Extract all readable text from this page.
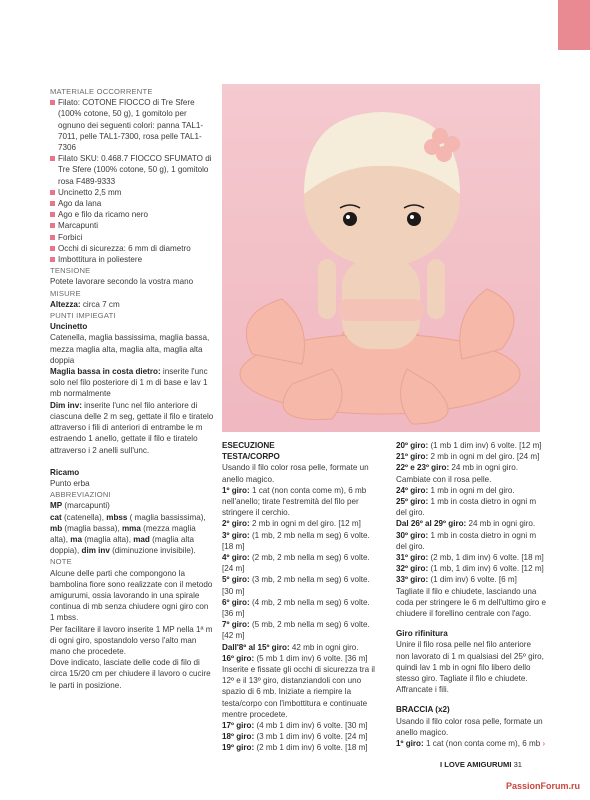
MATERIALE OCCORRENTE

Filato: COTONE FIOCCO di Tre Sfere (100% cotone, 50 g), 1 gomitolo per ognuno dei seguenti colori: panna TAL1-7011, pelle TAL1-7300, rosa pelle TAL1-7306
Filato SKU: 0.468.7 FIOCCO SFUMATO di Tre Sfere (100% cotone, 50 g), 1 gomitolo rosa F489-9333
Uncinetto 2,5 mm
Ago da lana
Ago e filo da ricamo nero
Marcapunti
Forbici
Occhi di sicurezza: 6 mm di diametro
Imbottitura in poliestere

TENSIONE

Potete lavorare secondo la vostra mano

MISURE

Altezza: circa 7 cm

PUNTI IMPIEGATI

Uncinetto

Catenella, maglia bassissima, maglia bassa, mezza maglia alta, maglia alta, maglia alta doppia

Maglia bassa in costa dietro: inserite l'unc solo nel filo posteriore di 1 m di base e lav 1 mb normalmente

Dim inv: inserite l'unc nel filo anteriore di ciascuna delle 2 m seg, gettate il filo e tiratelo attraverso i fili di anteriori di entrambe le m estraendo 1 anello, gettate il filo e tiratelo attraverso i 2 anelli sull'unc.

Ricamo

Punto erba

ABBREVIAZIONI

MP (marcapunti)
cat (catenella), mbss ( maglia bassissima), mb (maglia bassa), mma (mezza maglia alta), ma (maglia alta), mad (maglia alta doppia), dim inv (diminuzione invisibile).

NOTE

Alcune delle parti che compongono la bambolina fiore sono realizzate con il metodo amigurumi, ossia lavorando in una spirale continua di mb senza chiudere ogni giro con 1 mbss.

Per facilitare il lavoro inserite 1 MP nella 1ª m di ogni giro, spostandolo verso l'alto man mano che procedete.

Dove indicato, lasciate delle code di filo di circa 15/20 cm per chiudere il lavoro o cucire le parti in posizione.

ESECUZIONE

TESTA/CORPO

Usando il filo color rosa pelle, formate un anello magico.

1º giro: 1 cat (non conta come m), 6 mb nell'anello; tirate l'estremità del filo per stringere il cerchio.

2º giro: 2 mb in ogni m del giro. [12 m]

3º giro: (1 mb, 2 mb nella m seg) 6 volte. [18 m]

4º giro: (2 mb, 2 mb nella m seg) 6 volte. [24 m]

5º giro: (3 mb, 2 mb nella m seg) 6 volte. [30 m]

6º giro: (4 mb, 2 mb nella m seg) 6 volte. [36 m]

7º giro: (5 mb, 2 mb nella m seg) 6 volte. [42 m]

Dall'8º al 15º giro: 42 mb in ogni giro.

16º giro: (5 mb 1 dim inv) 6 volte. [36 m]

Inserite e fissate gli occhi di sicurezza tra il 12º e il 13º giro, distanziandoli con uno spazio di 6 mb. Iniziate a riempire la testa/corpo con l'imbottitura e continuate mentre procedete.

17º giro: (4 mb 1 dim inv) 6 volte. [30 m]

18º giro: (3 mb 1 dim inv) 6 volte. [24 m]

19º giro: (2 mb 1 dim inv) 6 volte. [18 m]

20º giro: (1 mb 1 dim inv) 6 volte. [12 m]

21º giro: 2 mb in ogni m del giro. [24 m]

22º e 23º giro: 24 mb in ogni giro.

Cambiate con il rosa pelle.

24º giro: 1 mb in ogni m del giro.

25º giro: 1 mb in costa dietro in ogni m del giro.

Dal 26º al 29º giro: 24 mb in ogni giro.

30º giro: 1 mb in costa dietro in ogni m del giro.

31º giro: (2 mb, 1 dim inv) 6 volte. [18 m]

32º giro: (1 mb, 1 dim inv) 6 volte. [12 m]

33º giro: (1 dim inv) 6 volte. [6 m]

Tagliate il filo e chiudete, lasciando una coda per stringere le 6 m dell'ultimo giro e chiudere il forellino centrale con l'ago.

Giro rifinitura

Unire il filo rosa pelle nel filo anteriore non lavorato di 1 m qualsiasi del 25º giro, quindi lav 1 mb in ogni filo libero dello stesso giro. Tagliate il filo e chiudete. Affrancate i fili.

BRACCIA (x2)

Usando il filo color rosa pelle, formate un anello magico.

1º giro: 1 cat (non conta come m), 6 mb ›

I LOVE AMIGURUMI 31
PassionForum.ru
